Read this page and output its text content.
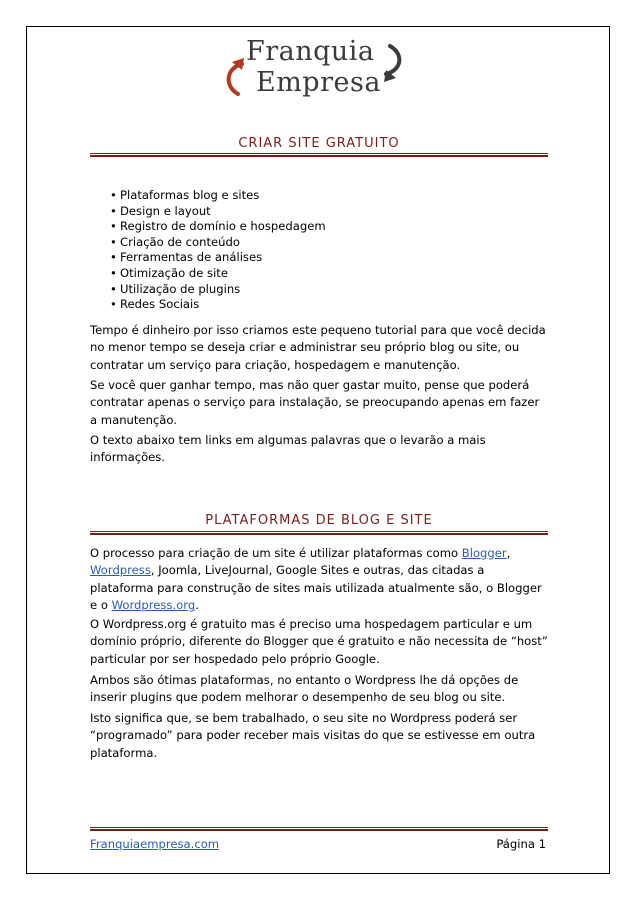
Franquia
Empresa
CRIAR SITE GRATUITO
• Plataformas blog e sites
• Design e layout
• Registro de domínio e hospedagem
• Criação de conteúdo
• Ferramentas de análises
• Otimização de site
• Utilização de plugins
• Redes Sociais

Tempo é dinheiro por isso criamos este pequeno tutorial para que você decida no menor tempo se deseja criar e administrar seu próprio blog ou site, ou contratar um serviço para criação, hospedagem e manutenção.

Se você quer ganhar tempo, mas não quer gastar muito, pense que poderá contratar apenas o serviço para instalação, se preocupando apenas em fazer a manutenção.

O texto abaixo tem links em algumas palavras que o levarão a mais informações.

PLATAFORMAS DE BLOG E SITE

O processo para criação de um site é utilizar plataformas como Blogger,
Wordpress, Joomla, LiveJournal, Google Sites e outras, das citadas a plataforma para construção de sites mais utilizada atualmente são, o Blogger e o Wordpress.org.

O Wordpress.org é gratuito mas é preciso uma hospedagem particular e um domínio próprio, diferente do Blogger que é gratuito e não necessita de “host” particular por ser hospedado pelo próprio Google.

Ambos são ótimas plataformas, no entanto o Wordpress lhe dá opções de inserir plugins que podem melhorar o desempenho de seu blog ou site.

Isto significa que, se bem trabalhado, o seu site no Wordpress poderá ser “programado” para poder receber mais visitas do que se estivesse em outra plataforma.

Franquiaempresa.com	Página 1
